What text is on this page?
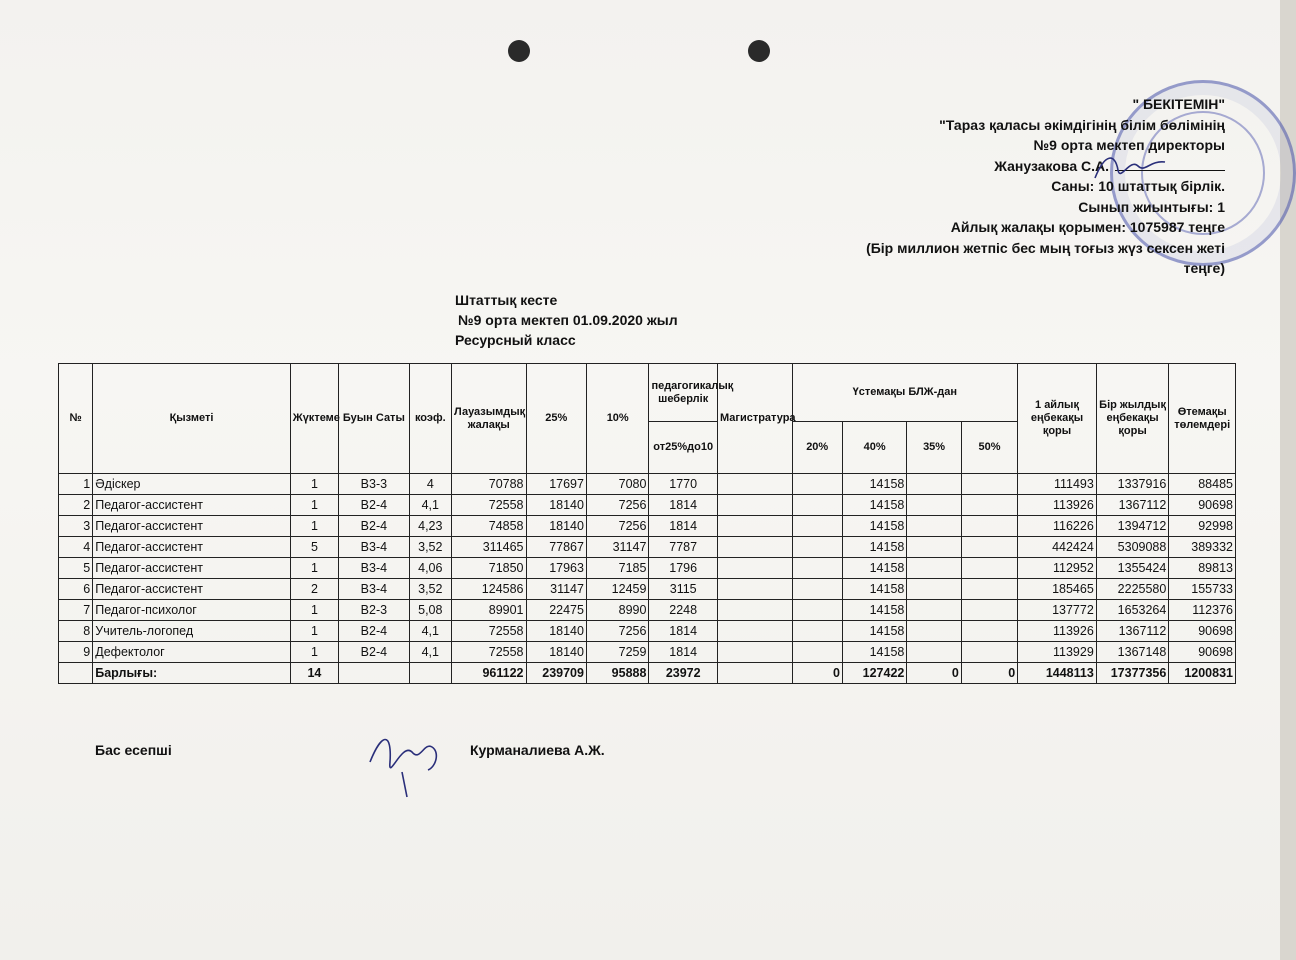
" БЕКІТЕМІН"
"Тараз қаласы әкімдігінің білім бөлімінің
№9 орта мектеп директоры
Жанузакова С.А.
Саны: 10 штаттық бірлік.
Сынып жиынтығы: 1
Айлық жалақы қорымен: 1075987 теңге
(Бір миллион жетпіс бес мың тоғыз жүз сексен жеті
теңге)
Штаттық кесте
№9 орта мектеп 01.09.2020 жыл
Ресурсный класс
№	Қызметі	Жүктеме	Буын Саты	коэф.	Лауазымдық жалақы	25%	10%	педагогикалық шеберлік	Магистратура	Үстемақы БЛЖ-дан				1 айлық еңбекақы қоры	Бір жылдық еңбекақы қоры	Өтемақы төлемдері
								от25%до10		20%	40%	35%	50%			
1	Әдіскер	1	B3-3	4	70788	17697	7080	1770			14158			111493	1337916	88485
2	Педагог-ассистент	1	B2-4	4,1	72558	18140	7256	1814			14158			113926	1367112	90698
3	Педагог-ассистент	1	B2-4	4,23	74858	18140	7256	1814			14158			116226	1394712	92998
4	Педагог-ассистент	5	B3-4	3,52	311465	77867	31147	7787			14158			442424	5309088	389332
5	Педагог-ассистент	1	B3-4	4,06	71850	17963	7185	1796			14158			112952	1355424	89813
6	Педагог-ассистент	2	B3-4	3,52	124586	31147	12459	3115			14158			185465	2225580	155733
7	Педагог-психолог	1	B2-3	5,08	89901	22475	8990	2248			14158			137772	1653264	112376
8	Учитель-логопед	1	B2-4	4,1	72558	18140	7256	1814			14158			113926	1367112	90698
9	Дефектолог	1	B2-4	4,1	72558	18140	7259	1814			14158			113929	1367148	90698
	Барлығы:	14			961122	239709	95888	23972		0	127422	0	0	1448113	17377356	1200831
Бас есепші	Курманалиева А.Ж.
